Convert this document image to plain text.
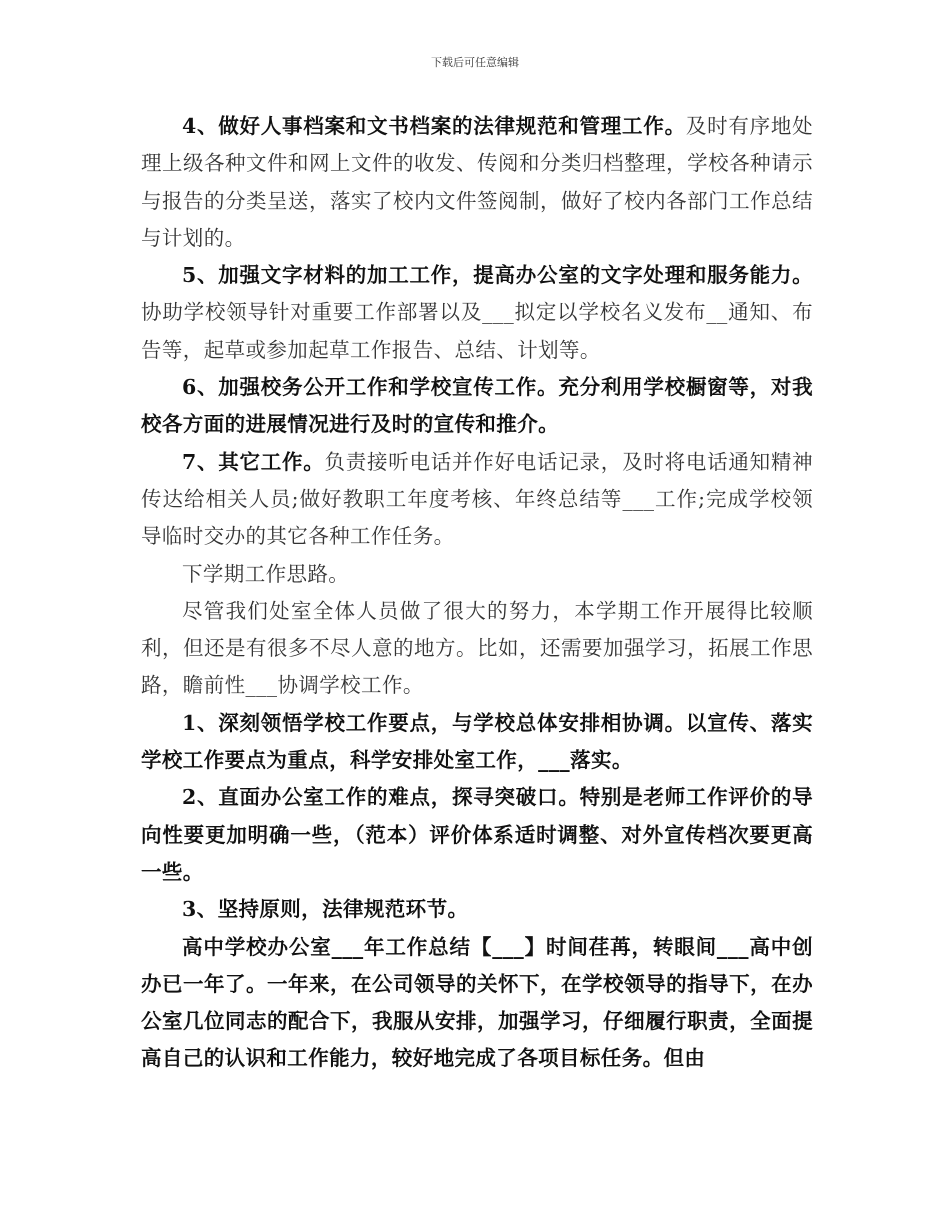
下载后可任意编辑

4、做好人事档案和文书档案的法律规范和管理工作。及时有序地处理上级各种文件和网上文件的收发、传阅和分类归档整理，学校各种请示与报告的分类呈送，落实了校内文件签阅制，做好了校内各部门工作总结与计划的。

5、加强文字材料的加工工作，提高办公室的文字处理和服务能力。协助学校领导针对重要工作部署以及___拟定以学校名义发布__通知、布告等，起草或参加起草工作报告、总结、计划等。

6、加强校务公开工作和学校宣传工作。充分利用学校橱窗等，对我校各方面的进展情况进行及时的宣传和推介。

7、其它工作。负责接听电话并作好电话记录，及时将电话通知精神传达给相关人员;做好教职工年度考核、年终总结等___工作;完成学校领导临时交办的其它各种工作任务。

下学期工作思路。

尽管我们处室全体人员做了很大的努力，本学期工作开展得比较顺利，但还是有很多不尽人意的地方。比如，还需要加强学习，拓展工作思路，瞻前性___协调学校工作。

1、深刻领悟学校工作要点，与学校总体安排相协调。以宣传、落实学校工作要点为重点，科学安排处室工作，___落实。

2、直面办公室工作的难点，探寻突破口。特别是老师工作评价的导向性要更加明确一些，（范本）评价体系适时调整、对外宣传档次要更高一些。

3、坚持原则，法律规范环节。

高中学校办公室___年工作总结【___】时间荏苒，转眼间___高中创办已一年了。一年来，在公司领导的关怀下，在学校领导的指导下，在办公室几位同志的配合下，我服从安排，加强学习，仔细履行职责，全面提高自己的认识和工作能力，较好地完成了各项目标任务。但由
